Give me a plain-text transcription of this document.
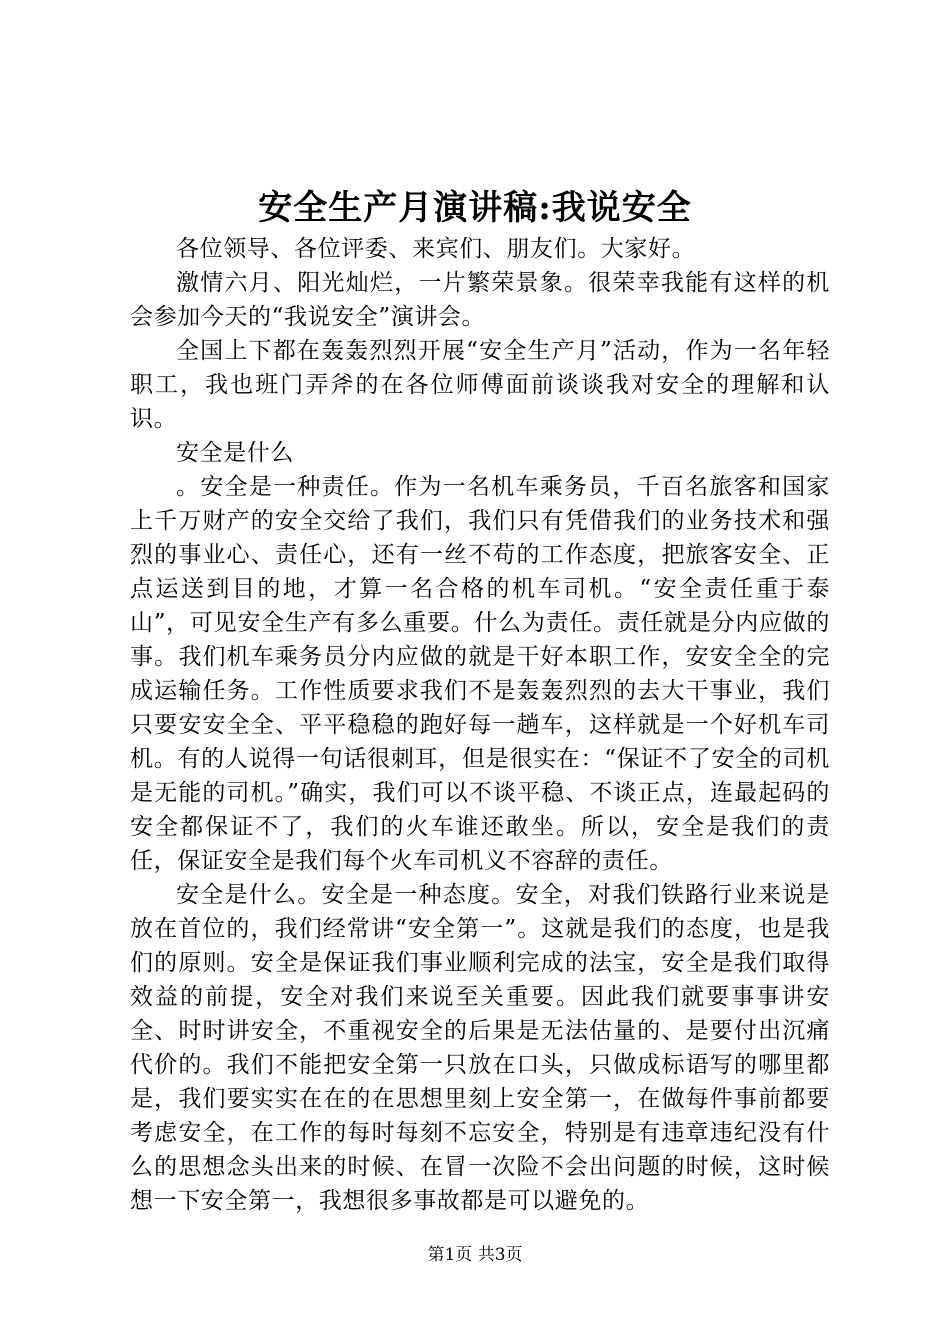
安全生产月演讲稿:我说安全

各位领导、各位评委、来宾们、朋友们。大家好。

激情六月、阳光灿烂，一片繁荣景象。很荣幸我能有这样的机会参加今天的“我说安全”演讲会。

全国上下都在轰轰烈烈开展“安全生产月”活动，作为一名年轻职工，我也班门弄斧的在各位师傅面前谈谈我对安全的理解和认识。

安全是什么

。安全是一种责任。作为一名机车乘务员，千百名旅客和国家上千万财产的安全交给了我们，我们只有凭借我们的业务技术和强烈的事业心、责任心，还有一丝不苟的工作态度，把旅客安全、正点运送到目的地，才算一名合格的机车司机。“安全责任重于泰山”，可见安全生产有多么重要。什么为责任。责任就是分内应做的事。我们机车乘务员分内应做的就是干好本职工作，安安全全的完成运输任务。工作性质要求我们不是轰轰烈烈的去大干事业，我们只要安安全全、平平稳稳的跑好每一趟车，这样就是一个好机车司机。有的人说得一句话很刺耳，但是很实在：“保证不了安全的司机是无能的司机。”确实，我们可以不谈平稳、不谈正点，连最起码的安全都保证不了，我们的火车谁还敢坐。所以，安全是我们的责任，保证安全是我们每个火车司机义不容辞的责任。

安全是什么。安全是一种态度。安全，对我们铁路行业来说是放在首位的，我们经常讲“安全第一”。这就是我们的态度，也是我们的原则。安全是保证我们事业顺利完成的法宝，安全是我们取得效益的前提，安全对我们来说至关重要。因此我们就要事事讲安全、时时讲安全，不重视安全的后果是无法估量的、是要付出沉痛代价的。我们不能把安全第一只放在口头，只做成标语写的哪里都是，我们要实实在在的在思想里刻上安全第一，在做每件事前都要考虑安全，在工作的每时每刻不忘安全，特别是有违章违纪没有什么的思想念头出来的时候、在冒一次险不会出问题的时候，这时候想一下安全第一，我想很多事故都是可以避免的。

第1页 共3页
